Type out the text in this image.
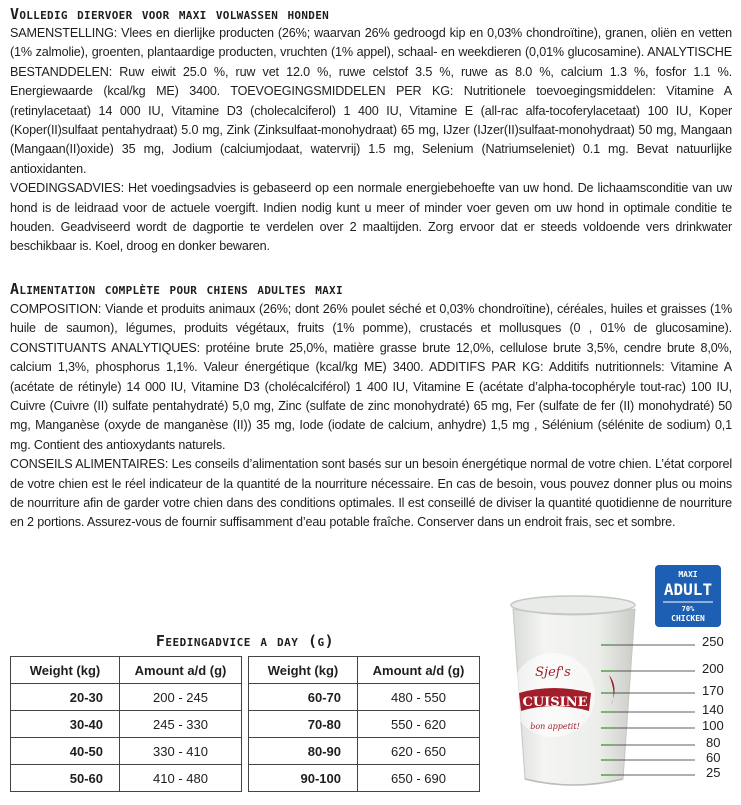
Volledig diervoer voor maxi volwassen honden

SAMENSTELLING: Vlees en dierlijke producten (26%; waarvan 26% gedroogd kip en 0,03% chondroïtine), granen, oliën en vetten (1% zalmolie), groenten, plantaardige producten, vruchten (1% appel), schaal- en weekdieren (0,01% glucosamine). ANALYTISCHE BESTANDDELEN: Ruw eiwit 25.0 %, ruw vet 12.0 %, ruwe celstof 3.5 %, ruwe as 8.0 %, calcium 1.3 %, fosfor 1.1 %. Energiewaarde (kcal/kg ME) 3400. TOEVOEGINGSMIDDELEN PER KG: Nutritionele toevoegingsmiddelen: Vitamine A (retinylacetaat) 14 000 IU, Vitamine D3 (cholecalciferol) 1 400 IU, Vitamine E (all-rac alfa-tocoferylacetaat) 100 IU, Koper (Koper(II)sulfaat pentahydraat) 5.0 mg, Zink (Zinksulfaat-monohydraat) 65 mg, IJzer (IJzer(II)sulfaat-monohydraat) 50 mg, Mangaan (Mangaan(II)oxide) 35 mg, Jodium (calciumjodaat, watervrij) 1.5 mg, Selenium (Natriumseleniet) 0.1 mg. Bevat natuurlijke antioxidanten.

VOEDINGSADVIES: Het voedingsadvies is gebaseerd op een normale energiebehoefte van uw hond. De lichaamsconditie van uw hond is de leidraad voor de actuele voergift. Indien nodig kunt u meer of minder voer geven om uw hond in optimale conditie te houden. Geadviseerd wordt de dagportie te verdelen over 2 maaltijden. Zorg ervoor dat er steeds voldoende vers drinkwater beschikbaar is. Koel, droog en donker bewaren.

Alimentation complète pour chiens adultes maxi

COMPOSITION: Viande et produits animaux (26%; dont 26% poulet séché et 0,03% chondroïtine), céréales, huiles et graisses (1% huile de saumon), légumes, produits végétaux, fruits (1% pomme), crustacés et mollusques (0 , 01% de glucosamine). CONSTITUANTS ANALYTIQUES: protéine brute 25,0%, matière grasse brute 12,0%, cellulose brute 3,5%, cendre brute 8,0%, calcium 1,3%, phosphorus 1,1%. Valeur énergétique (kcal/kg ME) 3400. ADDITIFS PAR KG: Additifs nutritionnels: Vitamine A (acétate de rétinyle) 14 000 IU, Vitamine D3 (cholécalciférol) 1 400 IU, Vitamine E (acétate d’alpha-tocophéryle tout-rac) 100 IU, Cuivre (Cuivre (II) sulfate pentahydraté) 5,0 mg, Zinc (sulfate de zinc monohydraté) 65 mg, Fer (sulfate de fer (II) monohydraté) 50 mg, Manganèse (oxyde de manganèse (II)) 35 mg, Iode (iodate de calcium, anhydre) 1,5 mg , Sélénium (sélénite de sodium) 0,1 mg. Contient des antioxydants naturels.

CONSEILS ALIMENTAIRES: Les conseils d’alimentation sont basés sur un besoin énergétique normal de votre chien. L’état corporel de votre chien est le réel indicateur de la quantité de la nourriture nécessaire. En cas de besoin, vous pouvez donner plus ou moins de nourriture afin de garder votre chien dans des conditions optimales. Il est conseillé de diviser la quantité quotidienne de nourriture en 2 portions. Assurez-vous de fournir suffisamment d’eau potable fraîche. Conserver dans un endroit frais, sec et sombre.

Feedingadvice a day (g)
Weight (kg)	Amount a/d (g)
20-30	200 - 245
30-40	245 - 330
40-50	330 - 410
50-60	410 - 480
Weight (kg)	Amount a/d (g)
60-70	480 - 550
70-80	550 - 620
80-90	620 - 650
90-100	650 - 690
MAXI
ADULT
70%
CHICKEN
Sjef's
CUISINE
bon appetit!
250
200
170
140
100
80
60
25
